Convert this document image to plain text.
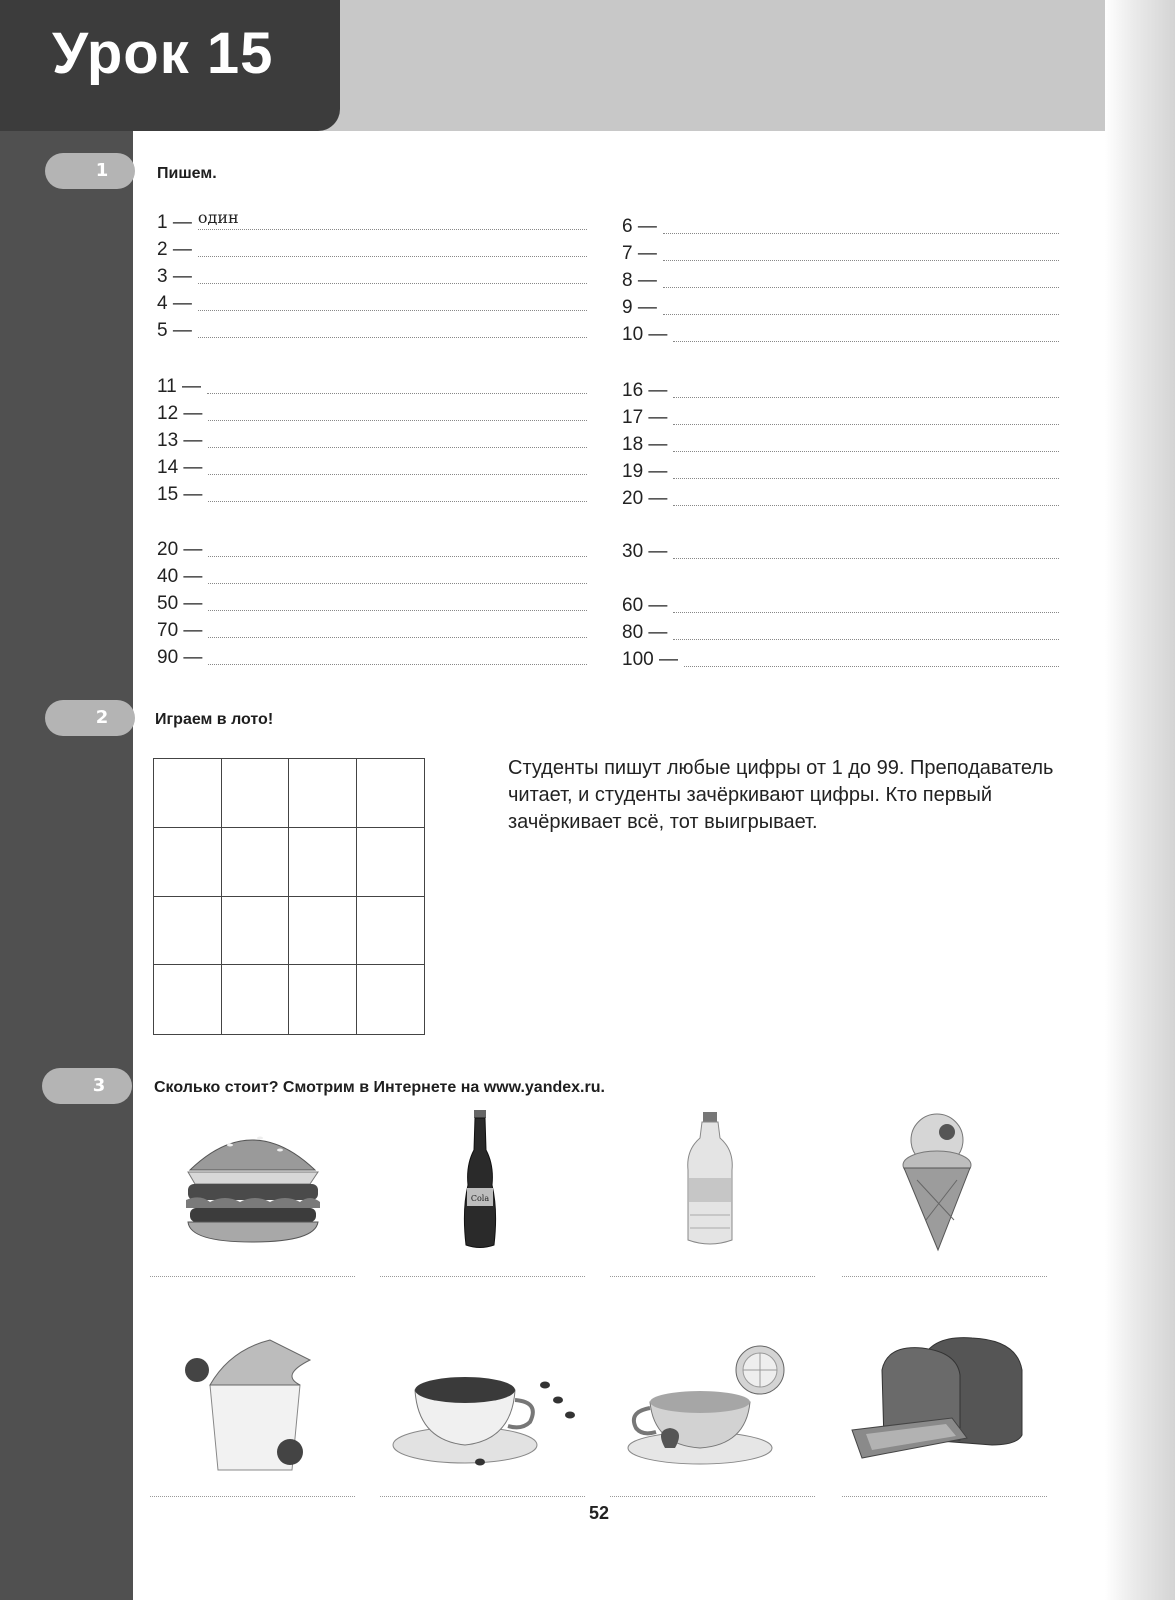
Урок 15
1	Пишем.
1 — один
2 —
3 —
4 —
5 —
11 —
12 —
13 —
14 —
15 —
20 —
40 —
50 —
70 —
90 —
6 —
7 —
8 —
9 —
10 —
16 —
17 —
18 —
19 —
20 —
30 —
60 —
80 —
100 —
2	Играем в лото!
Студенты пишут любые цифры от 1 до 99. Преподаватель читает, и студенты зачёркивают цифры. Кто первый зачёркивает всё, тот выигрывает.
3	Сколько стоит? Смотрим в Интернете на www.yandex.ru.
Cola
52
